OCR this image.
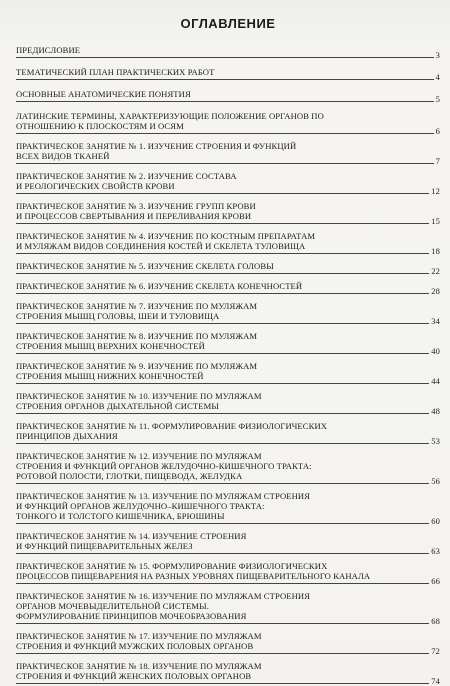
ОГЛАВЛЕНИЕ
ПРЕДИСЛОВИЕ	3
ТЕМАТИЧЕСКИЙ ПЛАН ПРАКТИЧЕСКИХ РАБОТ	4
ОСНОВНЫЕ АНАТОМИЧЕСКИЕ ПОНЯТИЯ	5
ЛАТИНСКИЕ ТЕРМИНЫ, ХАРАКТЕРИЗУЮЩИЕ ПОЛОЖЕНИЕ ОРГАНОВ ПО
ОТНОШЕНИЮ К ПЛОСКОСТЯМ И ОСЯМ	6
ПРАКТИЧЕСКОЕ ЗАНЯТИЕ № 1. ИЗУЧЕНИЕ СТРОЕНИЯ И ФУНКЦИЙ
ВСЕХ ВИДОВ ТКАНЕЙ	7
ПРАКТИЧЕСКОЕ ЗАНЯТИЕ № 2. ИЗУЧЕНИЕ СОСТАВА
И РЕОЛОГИЧЕСКИХ СВОЙСТВ КРОВИ	12
ПРАКТИЧЕСКОЕ ЗАНЯТИЕ № 3. ИЗУЧЕНИЕ ГРУПП КРОВИ
И ПРОЦЕССОВ СВЕРТЫВАНИЯ И ПЕРЕЛИВАНИЯ КРОВИ	15
ПРАКТИЧЕСКОЕ ЗАНЯТИЕ № 4. ИЗУЧЕНИЕ ПО КОСТНЫМ ПРЕПАРАТАМ
И МУЛЯЖАМ ВИДОВ СОЕДИНЕНИЯ КОСТЕЙ И СКЕЛЕТА ТУЛОВИЩА	18
ПРАКТИЧЕСКОЕ ЗАНЯТИЕ № 5. ИЗУЧЕНИЕ СКЕЛЕТА ГОЛОВЫ	22
ПРАКТИЧЕСКОЕ ЗАНЯТИЕ № 6. ИЗУЧЕНИЕ СКЕЛЕТА КОНЕЧНОСТЕЙ	28
ПРАКТИЧЕСКОЕ ЗАНЯТИЕ № 7. ИЗУЧЕНИЕ ПО МУЛЯЖАМ
СТРОЕНИЯ МЫШЦ ГОЛОВЫ, ШЕИ И ТУЛОВИЩА	34
ПРАКТИЧЕСКОЕ ЗАНЯТИЕ № 8. ИЗУЧЕНИЕ ПО МУЛЯЖАМ
СТРОЕНИЯ МЫШЦ ВЕРХНИХ КОНЕЧНОСТЕЙ	40
ПРАКТИЧЕСКОЕ ЗАНЯТИЕ № 9. ИЗУЧЕНИЕ ПО МУЛЯЖАМ
СТРОЕНИЯ МЫШЦ НИЖНИХ КОНЕЧНОСТЕЙ	44
ПРАКТИЧЕСКОЕ ЗАНЯТИЕ № 10. ИЗУЧЕНИЕ ПО МУЛЯЖАМ
СТРОЕНИЯ ОРГАНОВ ДЫХАТЕЛЬНОЙ СИСТЕМЫ	48
ПРАКТИЧЕСКОЕ ЗАНЯТИЕ № 11. ФОРМУЛИРОВАНИЕ ФИЗИОЛОГИЧЕСКИХ
ПРИНЦИПОВ ДЫХАНИЯ	53
ПРАКТИЧЕСКОЕ ЗАНЯТИЕ № 12. ИЗУЧЕНИЕ ПО МУЛЯЖАМ
СТРОЕНИЯ И ФУНКЦИЙ ОРГАНОВ ЖЕЛУДОЧНО-КИШЕЧНОГО ТРАКТА:
РОТОВОЙ ПОЛОСТИ, ГЛОТКИ, ПИЩЕВОДА, ЖЕЛУДКА	56
ПРАКТИЧЕСКОЕ ЗАНЯТИЕ № 13. ИЗУЧЕНИЕ ПО МУЛЯЖАМ СТРОЕНИЯ
И ФУНКЦИЙ ОРГАНОВ ЖЕЛУДОЧНО–КИШЕЧНОГО ТРАКТА:
ТОНКОГО И ТОЛСТОГО КИШЕЧНИКА, БРЮШИНЫ	60
ПРАКТИЧЕСКОЕ ЗАНЯТИЕ № 14. ИЗУЧЕНИЕ СТРОЕНИЯ
И ФУНКЦИЙ ПИЩЕВАРИТЕЛЬНЫХ ЖЕЛЕЗ	63
ПРАКТИЧЕСКОЕ ЗАНЯТИЕ № 15. ФОРМУЛИРОВАНИЕ ФИЗИОЛОГИЧЕСКИХ
ПРОЦЕССОВ ПИЩЕВАРЕНИЯ НА РАЗНЫХ УРОВНЯХ ПИЩЕВАРИТЕЛЬНОГО КАНАЛА	66
ПРАКТИЧЕСКОЕ ЗАНЯТИЕ № 16. ИЗУЧЕНИЕ ПО МУЛЯЖАМ СТРОЕНИЯ
ОРГАНОВ МОЧЕВЫДЕЛИТЕЛЬНОЙ СИСТЕМЫ.
ФОРМУЛИРОВАНИЕ ПРИНЦИПОВ МОЧЕОБРАЗОВАНИЯ	68
ПРАКТИЧЕСКОЕ ЗАНЯТИЕ № 17. ИЗУЧЕНИЕ ПО МУЛЯЖАМ
СТРОЕНИЯ И ФУНКЦИЙ МУЖСКИХ ПОЛОВЫХ ОРГАНОВ	72
ПРАКТИЧЕСКОЕ ЗАНЯТИЕ № 18. ИЗУЧЕНИЕ ПО МУЛЯЖАМ
СТРОЕНИЯ И ФУНКЦИЙ ЖЕНСКИХ ПОЛОВЫХ ОРГАНОВ	74
